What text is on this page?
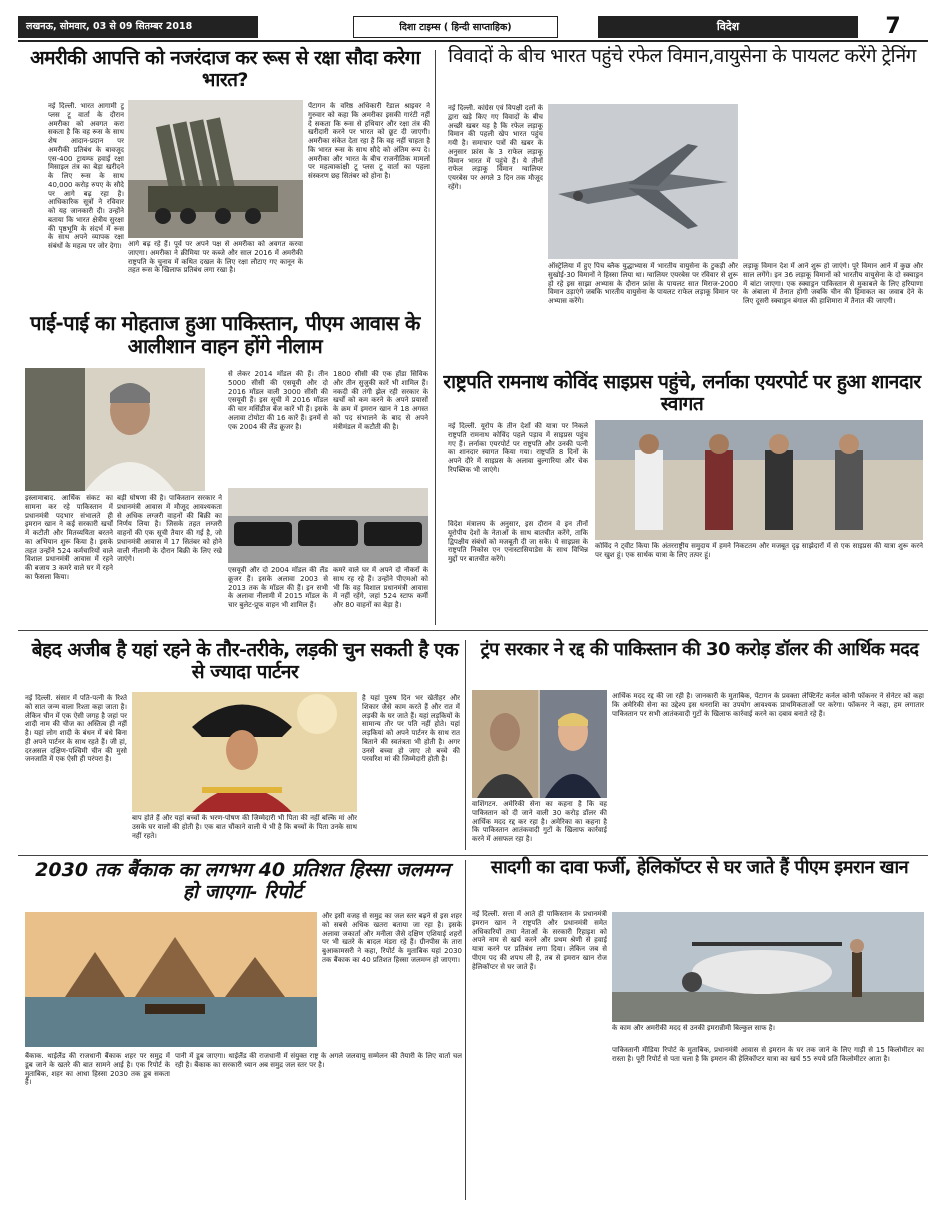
लखनऊ, सोमवार, 03 से 09 सितम्बर 2018	दिशा टाइम्स ( हिन्दी साप्ताहिक)	विदेश	7
अमरीकी आपत्ति को नजरंदाज कर रूस से रक्षा सौदा करेगा भारत?
नई दिल्ली. भारत आगामी टू प्लस टू वार्ता के दौरान अमरीका को अवगत करा सकता है कि वह रूस के साथ शेष आदान-प्रदान पर अमरीकी प्रतिबंध के बावजूद एस-400 ट्रायम्फ हवाई रक्षा मिसाइल तंत्र का बेड़ा खरीदने के लिए रूस के साथ 40,000 करोड़ रुपए के सौदे पर आगे बढ़ रहा है। आधिकारिक सूत्रों ने रविवार को यह जानकारी दी। उन्होंने बताया कि भारत क्षेत्रीय सुरक्षा की पृष्ठभूमि के संदर्भ में रूस के साथ अपने व्यापक रक्षा संबंधों के महत्व पर जोर देगा। आगे बढ़ रहे हैं। पूर्व पर अपने पक्ष से अमरीका को अवगत करवा जाएगा। अमरीका ने क्रीमिया पर कब्जे और साल 2016 में अमरीकी राष्ट्रपति के चुनाव में कथित दखल के लिए रक्षा लौटाए गए कानून के तहत रूस के खिलाफ प्रतिबंध लगा रखा है।
पेंटागन के वरिष्ठ अधिकारी रेंडाल श्राइवर ने गुरुवार को कहा कि अमरीका इसकी गारंटी नहीं दे सकता कि रूस से हथियार और रक्षा तंत्र की खरीदारी करने पर भारत को छूट दी जाएगी। अमरीका संकेत देता रहा है कि वह नहीं चाहता है कि भारत रूस के साथ सौदे को अंतिम रूप दे। अमरीका और भारत के बीच राजनीतिक मामलों पर महत्वाकांक्षी टू प्लस टू वार्ता का पहला संस्करण छह सितंबर को होना है।
विवादों के बीच भारत पहुंचे रफेल विमान,वायुसेना के पायलट करेंगे ट्रेनिंग
नई दिल्ली. कांग्रेस एवं विपक्षी दलों के द्वारा खड़े किए गए विवादों के बीच अच्छी खबर यह है कि रफेल लड़ाकू विमान की पहली खेप भारत पहुंच गयी है। समाचार पत्रों की खबर के अनुसार फ्रांस के 3 राफेल लड़ाकू विमान भारत में पहुंचे हैं। ये तीनों राफेल लड़ाकू विमान ग्वालियर एयरबेस पर अगले 3 दिन तक मौजूद रहेंगे।
ऑस्ट्रेलिया में हुए पिच ब्लैक युद्धाभ्यास में भारतीय वायुसेना के टुकड़ी और सुखोई-30 विमानों ने हिस्सा लिया था। ग्वालियर एयरबेस पर रविवार से शुरू हो रहे इस साझा अभ्यास के दौरान फ्रांस के पायलट सात मिराज-2000 विमान उड़ाएंगे जबकि भारतीय वायुसेना के पायलट राफेल लड़ाकू विमान पर अभ्यास करेंगे।
लड़ाकू विमान देश में आने शुरू हो जाएंगे। पूरे विमान आने में कुछ और साल लगेंगे। इन 36 लड़ाकू विमानों को भारतीय वायुसेना के दो स्क्वाड्रन में बांटा जाएगा। एक स्क्वाड्रन पाकिस्तान से मुकाबले के लिए हरियाणा के अंबाला में तैनात होगी जबकि चीन की हिमाकत का जवाब देने के लिए दूसरी स्क्वाड्रन बंगाल की हाशिमारा में तैनात की जाएगी।
पाई-पाई का मोहताज हुआ पाकिस्तान, पीएम आवास के आलीशान वाहन होंगे नीलाम
इस्लामाबाद. आर्थिक संकट का सामना कर रहे पाकिस्तान में प्रधानमंत्री पदभार संभालते ही इमरान खान ने कई सरकारी खर्चों में कटौती और मितव्ययिता बरतने का अभियान शुरू किया है। इसके तहत उन्होंने 524 कर्मचारियों वाले विशाल प्रधानमंत्री आवास में रहने की बजाय 3 कमरे वाले घर में रहने का फैसला किया।
बड़ी घोषणा की है। पाकिस्तान सरकार ने प्रधानमंत्री आवास में मौजूद आवश्यकता से अधिक लग्जरी वाहनों की बिक्री का निर्णय लिया है। जिसके तहत लग्जरी वाहनों की एक सूची तैयार की गई है, जो प्रधानमंत्री आवास में 17 सितंबर को होने वाली नीलामी के दौरान बिक्री के लिए रखे जाएंगे।
से लेकर 2014 मॉडल की हैं। तीन 5000 सीसी की एसयूवी और दो 2016 मॉडल वाली 3000 सीसी की एसयूवी हैं। इस सूची में 2016 मॉडल की चार मर्सिडीज बेंज कारें भी हैं। इसके अलावा टोयोटा की 16 कारें हैं। इनमें से एक 2004 की लैंड क्रूजर है।
1800 सीसी की एक होंडा सिविक और तीन सुजुकी कारें भी शामिल हैं। नकदी की तंगी झेल रही सरकार के खर्चों को कम करने के अपने प्रयासों के क्रम में इमरान खान ने 18 अगस्त को पद संभालने के बाद से अपने मंत्रीमंडल में कटौती की है।
एसयूवी और दो 2004 मॉडल की लैंड क्रूजर हैं। इसके अलावा 2003 से 2013 तक के मॉडल की हैं। इन सभी के अलावा नीलामी में 2015 मॉडल के चार बुलेट-प्रूफ वाहन भी शामिल हैं।
कमरे वाले घर में अपने दो नौकरों के साथ रह रहे हैं। उन्होंने पीएमओ को भी कि वह विशाल प्रधानमंत्री आवास में नहीं रहेंगे, जहां 524 स्टाफ कर्मी और 80 वाहनों का बेड़ा है।
राष्ट्रपति रामनाथ कोविंद साइप्रस पहुंचे, लर्नाका एयरपोर्ट पर हुआ शानदार स्वागत
नई दिल्ली. यूरोप के तीन देशों की यात्रा पर निकले राष्ट्रपति रामनाथ कोविंद पहले पड़ाव में साइप्रस पहुंच गए हैं। लर्नाका एयरपोर्ट पर राष्ट्रपति और उनकी पत्नी का शानदार स्वागत किया गया। राष्ट्रपति 8 दिनों के अपने दौरे में साइप्रस के अलावा बुल्गारिया और चेक रिपब्लिक भी जाएंगे।
विदेश मंत्रालय के अनुसार, इस दौरान वे इन तीनों यूरोपीय देशों के नेताओं के साथ बातचीत करेंगे, ताकि द्विपक्षीय संबंधों को मजबूती दी जा सके। ये साइप्रस के राष्ट्रपति निकोस एन एनास्टासियाडेस के साथ विभिन्न मुद्दों पर बातचीत करेंगे।
कोविंद ने ट्वीट किया कि अंतरराष्ट्रीय समुदाय में हमने निकटतम और मजबूत दृढ़ साझेदारों में से एक साइप्रस की यात्रा शुरू करने पर खुश हूं। एक सार्थक यात्रा के लिए तत्पर हूं।
बेहद अजीब है यहां रहने के तौर-तरीके, लड़की चुन सकती है एक से ज्यादा पार्टनर
नई दिल्ली. संसार में पति-पत्नी के रिश्ते को सात जन्म वाला रिश्ता कहा जाता है। लेकिन चीन में एक ऐसी जगह है जहां पर शादी नाम की चीज का अस्तित्व ही नहीं है। यहां लोग शादी के बंधन में बंधे बिना ही अपने पार्टनर के साथ रहते हैं। जी हां, दरअसल दक्षिण-पश्चिमी चीन की मुसो जनजाति में एक ऐसी ही परंपरा है।
बाप होते हैं और यहां बच्चों के भरण-पोषण की जिम्मेदारी भी पिता की नहीं बल्कि मां और उसके घर वालों की होती है। एक बात चौंकाने वाली ये भी है कि बच्चों के पिता उनके साथ नहीं रहते।
है यहां पुरुष दिन भर खेतीहर और शिकार जैसे काम करते हैं और रात में लड़की के घर जाते हैं। यहां लड़कियों के सामान्य तौर पर पति नहीं होते। यहां लड़कियां को अपने पार्टनर के साथ रात बिताने की स्वतंत्रता भी होती है। अगर उनसे बच्चा हो जाए तो बच्चे की परवरिश मां की जिम्मेदारी होती है।
ट्रंप सरकार ने रद्द की पाकिस्तान की 30 करोड़ डॉलर की आर्थिक मदद
वाशिंगटन. अमेरिकी सेना का कहना है कि वह पाकिस्तान को दी जाने वाली 30 करोड़ डॉलर की आर्थिक मदद रद्द कर रहा है। अमेरिका का कहना है कि पाकिस्तान आतंकवादी गुटों के खिलाफ कार्रवाई करने में असफल रहा है।
आर्थिक मदद रद्द की जा रही है। जानकारी के मुताबिक, पेंटागन के प्रवक्ता लेफ्टिनेंट कर्नल कोनी फॉकनर ने सेनेटर को कहा कि अमेरिकी सेना का उद्देश्य इस धनराशि का उपयोग आवश्यक प्राथमिकताओं पर करेगा। फॉकनर ने कहा, हम लगातार पाकिस्तान पर सभी आतंकवादी गुटों के खिलाफ कार्रवाई करने का दबाव बनाते रहे हैं।
2030 तक बैंकाक का लगभग 40 प्रतिशत हिस्सा जलमग्न हो जाएगा- रिपोर्ट
और इसी वजह से समुद्र का जल स्तर बढ़ने से इस शहर को सबसे अधिक खतरा बताया जा रहा है। इसके अलावा जकार्ता और मनीला जैसे दक्षिण एशियाई शहरों पर भी खतरे के बादल मंडरा रहे हैं। ग्रीनपीस के तारा बुआकामसरी ने कहा, रिपोर्ट के मुताबिक यहां 2030 तक बैंकाक का 40 प्रतिशत हिस्सा जलमग्न हो जाएगा।
बैंकाक. थाईलैंड की राजधानी बैंकाक शहर पर समुद्र में डूब जाने के खतरे की बात सामने आई है। एक रिपोर्ट के मुताबिक, शहर का आधा हिस्सा 2030 तक डूब सकता है।
पानी में डूब जाएगा। थाईलैंड की राजधानी में संयुक्त राष्ट्र के अगले जलवायु सम्मेलन की तैयारी के लिए वार्ता चल रही है। बैंकाक का सरकारी ध्यान अब समुद्र जल स्तर पर है।
सादगी का दावा फर्जी, हेलिकॉप्टर से घर जाते हैं पीएम इमरान खान
नई दिल्ली. सत्ता में आते ही पाकिस्तान के प्रधानमंत्री इमरान खान ने राष्ट्रपति और प्रधानमंत्री समेत अधिकारियों तथा नेताओं के सरकारी रिहाइश को अपने नाम से खर्च करने और प्रथम श्रेणी से हवाई यात्रा करने पर प्रतिबंध लगा दिया। लेकिन जब से पीएम पद की शपथ ली है, तब से इमरान खान रोज हेलिकॉप्टर से घर जाते हैं।
के काम और अमरीकी मदद से उनकी इमरान्रीमी बिल्कुल साफ है।
पाकिस्तानी मीडिया रिपोर्ट के मुताबिक, प्रधानमंत्री आवास से इमरान के घर तक जाने के लिए गाड़ी से 15 किलोमीटर का रास्ता है। पूरी रिपोर्ट से पता चला है कि इमरान की हेलिकॉप्टर यात्रा का खर्च 55 रुपये प्रति किलोमीटर आता है।
